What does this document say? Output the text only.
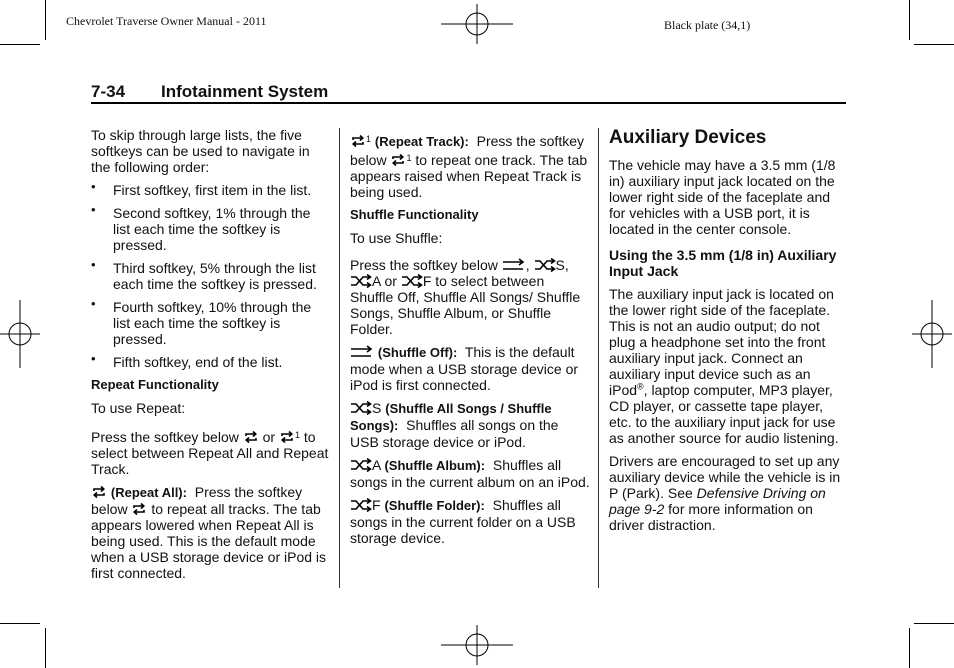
Chevrolet Traverse Owner Manual - 2011	Black plate (34,1)
7-34 Infotainment System

To skip through large lists, the five softkeys can be used to navigate in the following order:

• First softkey, first item in the list.
• Second softkey, 1% through the list each time the softkey is pressed.
• Third softkey, 5% through the list each time the softkey is pressed.
• Fourth softkey, 10% through the list each time the softkey is pressed.
• Fifth softkey, end of the list.
Repeat Functionality

To use Repeat:

Press the softkey below or $^1$ to select between Repeat All and Repeat Track.

(Repeat All): Press the softkey below to repeat all tracks. The tab appears lowered when Repeat All is being used. This is the default mode when a USB storage device or iPod is first connected.

$^1$ (Repeat Track): Press the softkey below $^1$ to repeat one track. The tab appears raised when Repeat Track is being used.

Shuffle Functionality

To use Shuffle:

Press the softkey below , S, A or F to select between Shuffle Off, Shuffle All Songs/ Shuffle Songs, Shuffle Album, or Shuffle Folder.

(Shuffle Off): This is the default mode when a USB storage device or iPod is first connected.

S (Shuffle All Songs / Shuffle Songs): Shuffles all songs on the USB storage device or iPod.

A (Shuffle Album): Shuffles all songs in the current album on an iPod.

F (Shuffle Folder): Shuffles all songs in the current folder on a USB storage device.

Auxiliary Devices

The vehicle may have a 3.5 mm (1/8 in) auxiliary input jack located on the lower right side of the faceplate and for vehicles with a USB port, it is located in the center console.

Using the 3.5 mm (1/8 in) Auxiliary Input Jack

The auxiliary input jack is located on the lower right side of the faceplate. This is not an audio output; do not plug a headphone set into the front auxiliary input jack. Connect an auxiliary input device such as an iPod®, laptop computer, MP3 player, CD player, or cassette tape player, etc. to the auxiliary input jack for use as another source for audio listening.

Drivers are encouraged to set up any auxiliary device while the vehicle is in P (Park). See Defensive Driving on page 9-2 for more information on driver distraction.
